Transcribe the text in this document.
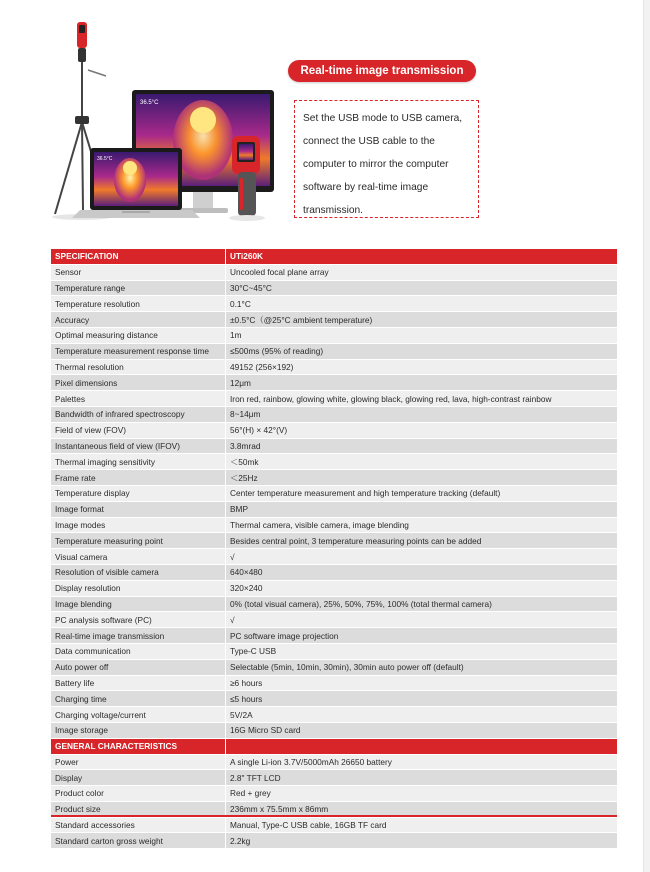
36.5°C
36.5°C
Real-time image transmission

Set the USB mode to USB camera,

connect the USB cable to the

computer to mirror the computer

software by real-time image

transmission.

SPECIFICATION	UTi260K
Sensor	Uncooled focal plane array
Temperature range	30°C~45°C
Temperature resolution	0.1°C
Accuracy	±0.5°C（@25°C ambient temperature)
Optimal measuring distance	1m
Temperature measurement response time	≤500ms (95% of reading)
Thermal resolution	49152 (256×192)
Pixel dimensions	12μm
Palettes	Iron red, rainbow, glowing white, glowing black, glowing red, lava, high-contrast rainbow
Bandwidth of infrared spectroscopy	8~14μm
Field of view (FOV)	56°(H) × 42°(V)
Instantaneous field of view (IFOV)	3.8mrad
Thermal imaging sensitivity	＜50mk
Frame rate	＜25Hz
Temperature display	Center temperature measurement and high temperature tracking (default)
Image format	BMP
Image modes	Thermal camera, visible camera, image blending
Temperature measuring point	Besides central point, 3 temperature measuring points can be added
Visual camera	√
Resolution of visible camera	640×480
Display resolution	320×240
Image blending	0% (total visual camera), 25%, 50%, 75%, 100% (total thermal camera)
PC analysis software (PC)	√
Real-time image transmission	PC software image projection
Data communication	Type-C USB
Auto power off	Selectable (5min, 10min, 30min), 30min auto power off (default)
Battery life	≥6 hours
Charging time	≤5 hours
Charging voltage/current	5V/2A
Image storage	16G Micro SD card
GENERAL CHARACTERISTICS	
Power	A single Li-ion 3.7V/5000mAh 26650 battery
Display	2.8" TFT LCD
Product color	Red + grey
Product size	236mm x 75.5mm x 86mm
Standard accessories	Manual, Type-C USB cable, 16GB TF card
Standard carton gross weight	2.2kg
